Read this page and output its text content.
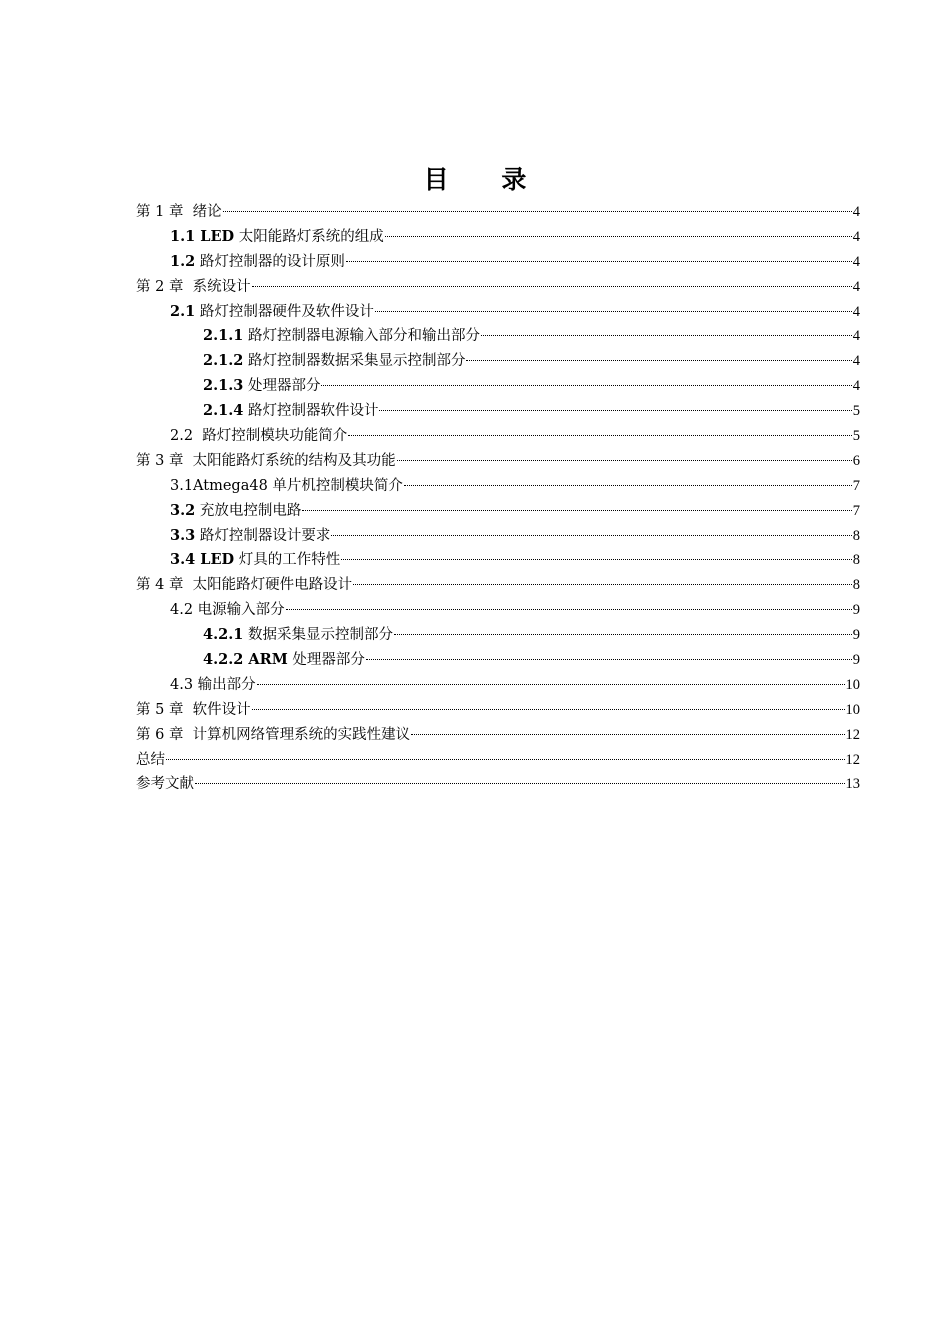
目 录
第 1 章 绪论	4
1.1 LED 太阳能路灯系统的组成	4
1.2 路灯控制器的设计原则	4
第 2 章 系统设计	4
2.1 路灯控制器硬件及软件设计	4
2.1.1 路灯控制器电源输入部分和输出部分	4
2.1.2 路灯控制器数据采集显示控制部分	4
2.1.3 处理器部分	4
2.1.4 路灯控制器软件设计	5
2.2 路灯控制模块功能简介	5
第 3 章 太阳能路灯系统的结构及其功能	6
3.1Atmega48 单片机控制模块简介	7
3.2 充放电控制电路	7
3.3 路灯控制器设计要求	8
3.4 LED 灯具的工作特性	8
第 4 章 太阳能路灯硬件电路设计	8
4.2 电源输入部分	9
4.2.1 数据采集显示控制部分	9
4.2.2 ARM 处理器部分	9
4.3 输出部分	10
第 5 章 软件设计	10
第 6 章 计算机网络管理系统的实践性建议	12
总结	12
参考文献	13
